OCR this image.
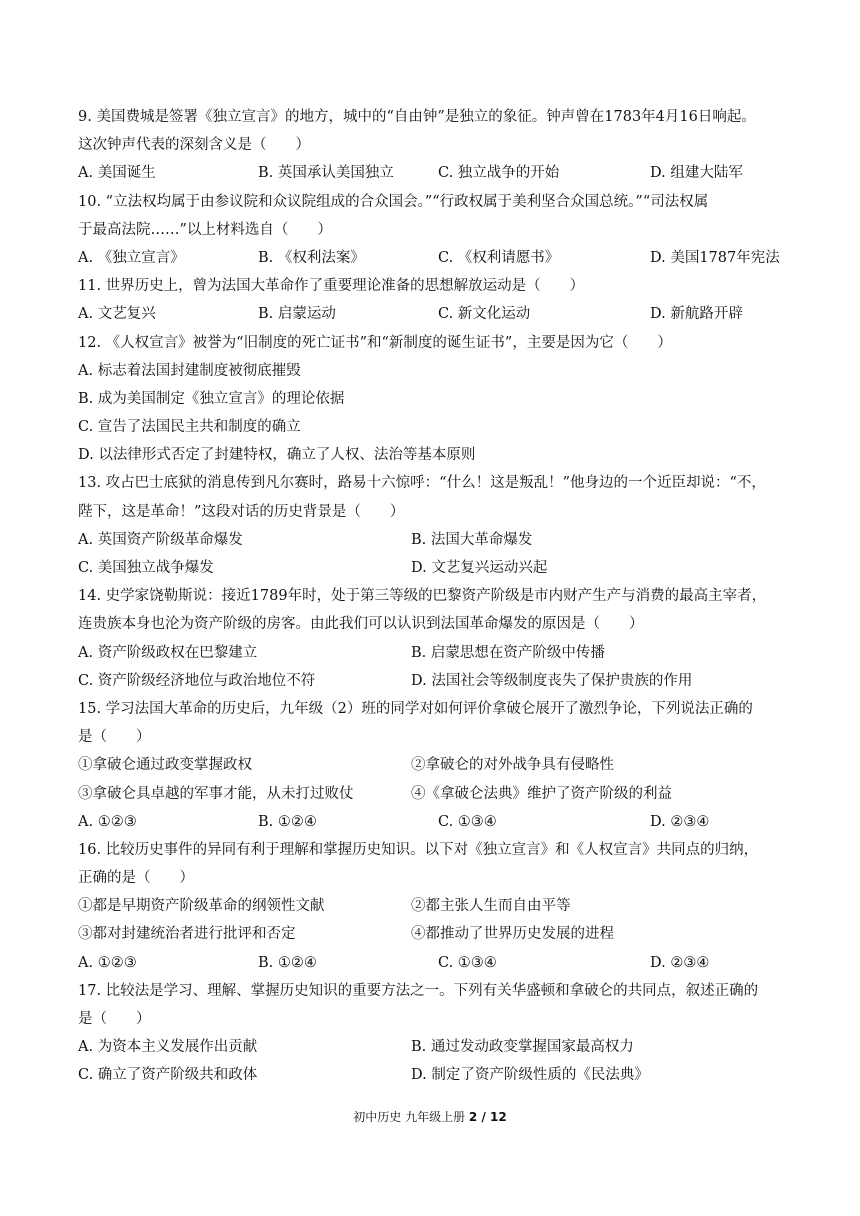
9. 美国费城是签署《独立宣言》的地方，城中的“自由钟”是独立的象征。钟声曾在1783年4月16日响起。
这次钟声代表的深刻含义是（　　）
A. 美国诞生	B. 英国承认美国独立	C. 独立战争的开始	D. 组建大陆军
10. “立法权均属于由参议院和众议院组成的合众国会。”“行政权属于美利坚合众国总统。”“司法权属
于最高法院……”以上材料选自（　　）
A. 《独立宣言》	B. 《权利法案》	C. 《权利请愿书》	D. 美国1787年宪法
11. 世界历史上，曾为法国大革命作了重要理论准备的思想解放运动是（　　）
A. 文艺复兴	B. 启蒙运动	C. 新文化运动	D. 新航路开辟
12. 《人权宣言》被誉为“旧制度的死亡证书”和“新制度的诞生证书”，主要是因为它（　　）
A. 标志着法国封建制度被彻底摧毁
B. 成为美国制定《独立宣言》的理论依据
C. 宣告了法国民主共和制度的确立
D. 以法律形式否定了封建特权，确立了人权、法治等基本原则
13. 攻占巴士底狱的消息传到凡尔赛时，路易十六惊呼：“什么！这是叛乱！”他身边的一个近臣却说：“不，
陛下，这是革命！”这段对话的历史背景是（　　）
A. 英国资产阶级革命爆发	B. 法国大革命爆发
C. 美国独立战争爆发	D. 文艺复兴运动兴起
14. 史学家饶勒斯说：接近1789年时，处于第三等级的巴黎资产阶级是市内财产生产与消费的最高主宰者，
连贵族本身也沦为资产阶级的房客。由此我们可以认识到法国革命爆发的原因是（　　）
A. 资产阶级政权在巴黎建立	B. 启蒙思想在资产阶级中传播
C. 资产阶级经济地位与政治地位不符	D. 法国社会等级制度丧失了保护贵族的作用
15. 学习法国大革命的历史后，九年级（2）班的同学对如何评价拿破仑展开了激烈争论，下列说法正确的
是（　　）
①拿破仑通过政变掌握政权	②拿破仑的对外战争具有侵略性
③拿破仑具卓越的军事才能，从未打过败仗	④《拿破仑法典》维护了资产阶级的利益
A. ①②③	B. ①②④	C. ①③④	D. ②③④
16. 比较历史事件的异同有利于理解和掌握历史知识。以下对《独立宣言》和《人权宣言》共同点的归纳，
正确的是（　　）
①都是早期资产阶级革命的纲领性文献	②都主张人生而自由平等
③都对封建统治者进行批评和否定	④都推动了世界历史发展的进程
A. ①②③	B. ①②④	C. ①③④	D. ②③④
17. 比较法是学习、理解、掌握历史知识的重要方法之一。下列有关华盛顿和拿破仑的共同点，叙述正确的
是（　　）
A. 为资本主义发展作出贡献	B. 通过发动政变掌握国家最高权力
C. 确立了资产阶级共和政体	D. 制定了资产阶级性质的《民法典》
初中历史 九年级上册 2 / 12
